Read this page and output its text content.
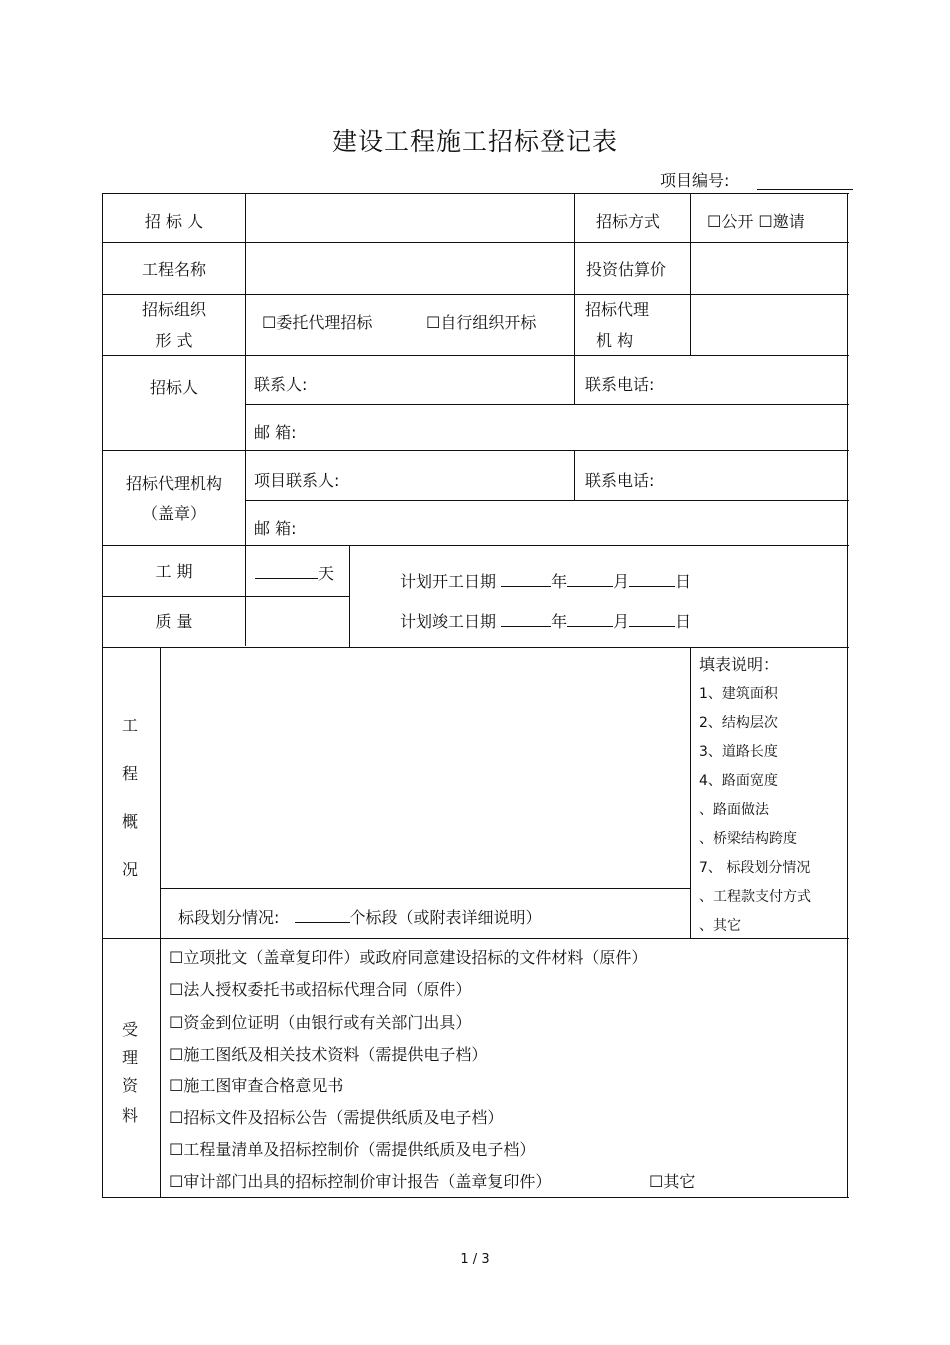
建设工程施工招标登记表
项目编号:
招 标 人	招标方式	☐公开 ☐邀请
工程名称	投资估算价
招标组织
形 式
☐委托代理招标	☐自行组织开标
招标代理
机 构
招标人	联系人:	联系电话:
邮 箱:
招标代理机构
（盖章）
项目联系人:	联系电话:
邮 箱:
工 期	天
质 量
计划开工日期	年	月	日
计划竣工日期	年	月	日
工
程
概
况
标段划分情况:	个标段（或附表详细说明）
填表说明：
1、建筑面积
2、结构层次
3、道路长度
4、路面宽度
、路面做法
、桥梁结构跨度
7、 标段划分情况
、工程款支付方式
、其它
受
理
资
料
☐立项批文（盖章复印件）或政府同意建设招标的文件材料（原件）
☐法人授权委托书或招标代理合同（原件）
☐资金到位证明（由银行或有关部门出具）
☐施工图纸及相关技术资料（需提供电子档）
☐施工图审查合格意见书
☐招标文件及招标公告（需提供纸质及电子档）
☐工程量清单及招标控制价（需提供纸质及电子档）
☐审计部门出具的招标控制价审计报告（盖章复印件）	☐其它
1 / 3
